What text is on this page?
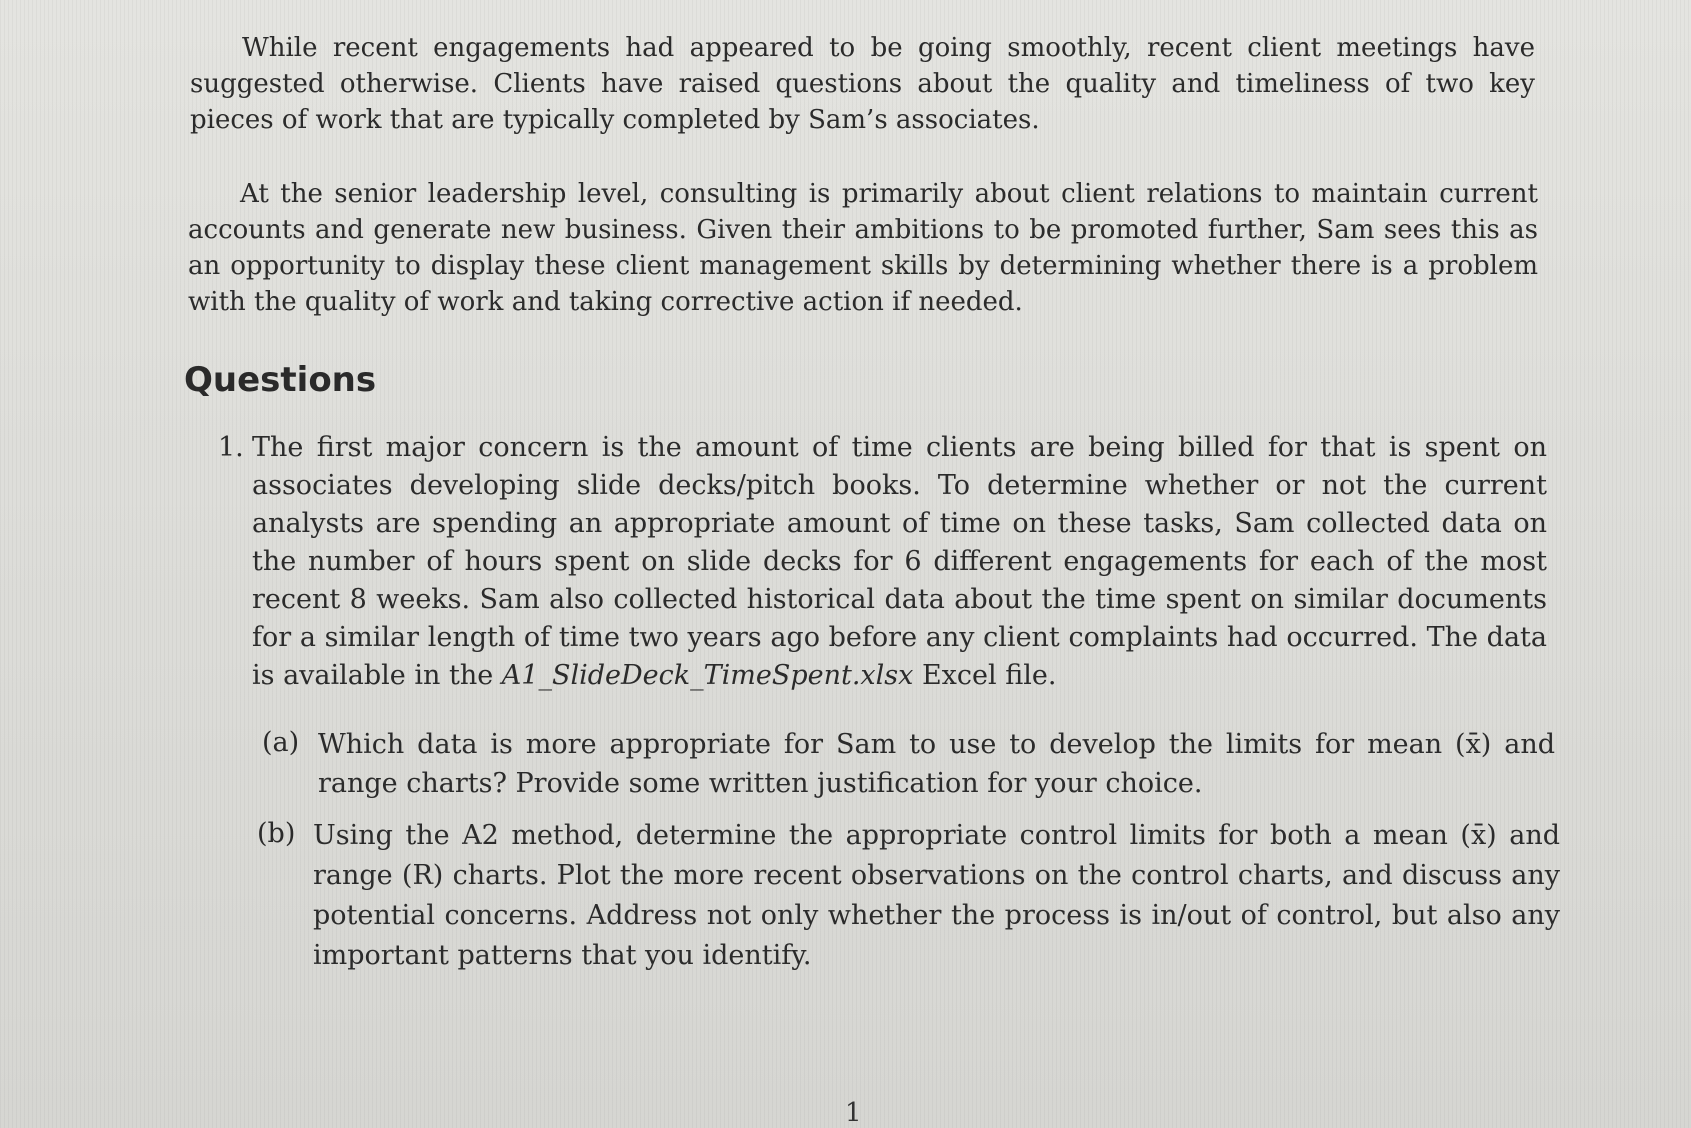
While recent engagements had appeared to be going smoothly, recent client meetings have suggested otherwise. Clients have raised questions about the quality and timeliness of two key pieces of work that are typically completed by Sam’s associates.

At the senior leadership level, consulting is primarily about client relations to maintain current accounts and generate new business. Given their ambitions to be promoted further, Sam sees this as an opportunity to display these client management skills by determining whether there is a problem with the quality of work and taking corrective action if needed.

Questions
1. The first major concern is the amount of time clients are being billed for that is spent on associates developing slide decks/pitch books. To determine whether or not the current analysts are spending an appropriate amount of time on these tasks, Sam collected data on the number of hours spent on slide decks for 6 different engagements for each of the most recent 8 weeks. Sam also collected historical data about the time spent on similar documents for a similar length of time two years ago before any client complaints had occurred. The data is available in the A1_SlideDeck_TimeSpent.xlsx Excel file.

(a) Which data is more appropriate for Sam to use to develop the limits for mean (x̄) and range charts? Provide some written justification for your choice.

(b) Using the A2 method, determine the appropriate control limits for both a mean (x̄) and range (R) charts. Plot the more recent observations on the control charts, and discuss any potential concerns. Address not only whether the process is in/out of control, but also any important patterns that you identify.

1
